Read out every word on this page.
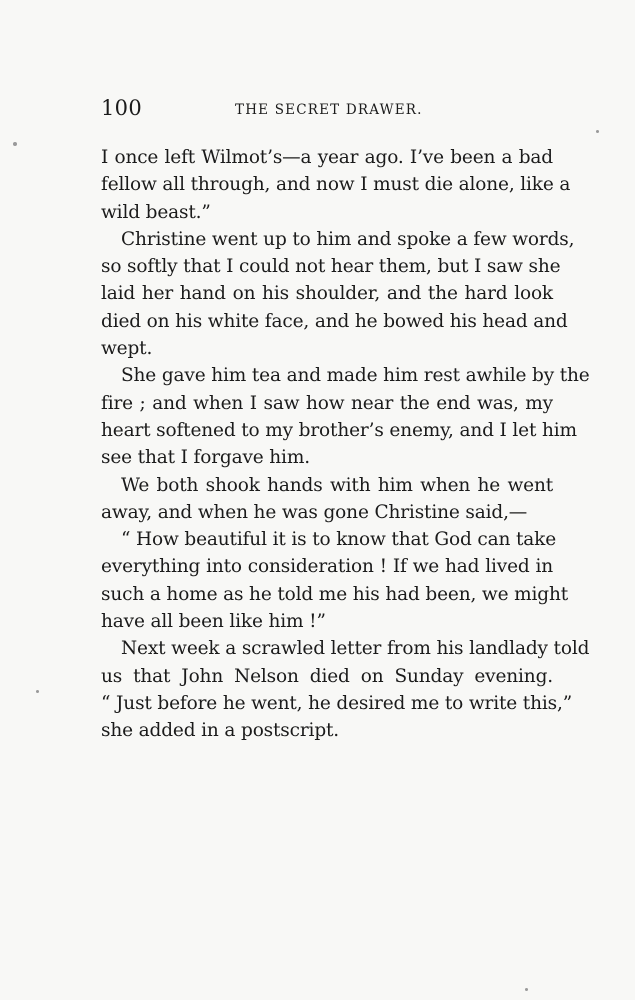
100	THE SECRET DRAWER.
I once left Wilmot’s—a year ago. I’ve been a bad
fellow all through, and now I must die alone, like a
wild beast.”
Christine went up to him and spoke a few words,
so softly that I could not hear them, but I saw she
laid her hand on his shoulder, and the hard look
died on his white face, and he bowed his head and
wept.
She gave him tea and made him rest awhile by the
fire ; and when I saw how near the end was, my
heart softened to my brother’s enemy, and I let him
see that I forgave him.
We both shook hands with him when he went
away, and when he was gone Christine said,—
“ How beautiful it is to know that God can take
everything into consideration ! If we had lived in
such a home as he told me his had been, we might
have all been like him !”
Next week a scrawled letter from his landlady told
us that John Nelson died on Sunday evening.
“ Just before he went, he desired me to write this,”
she added in a postscript.
